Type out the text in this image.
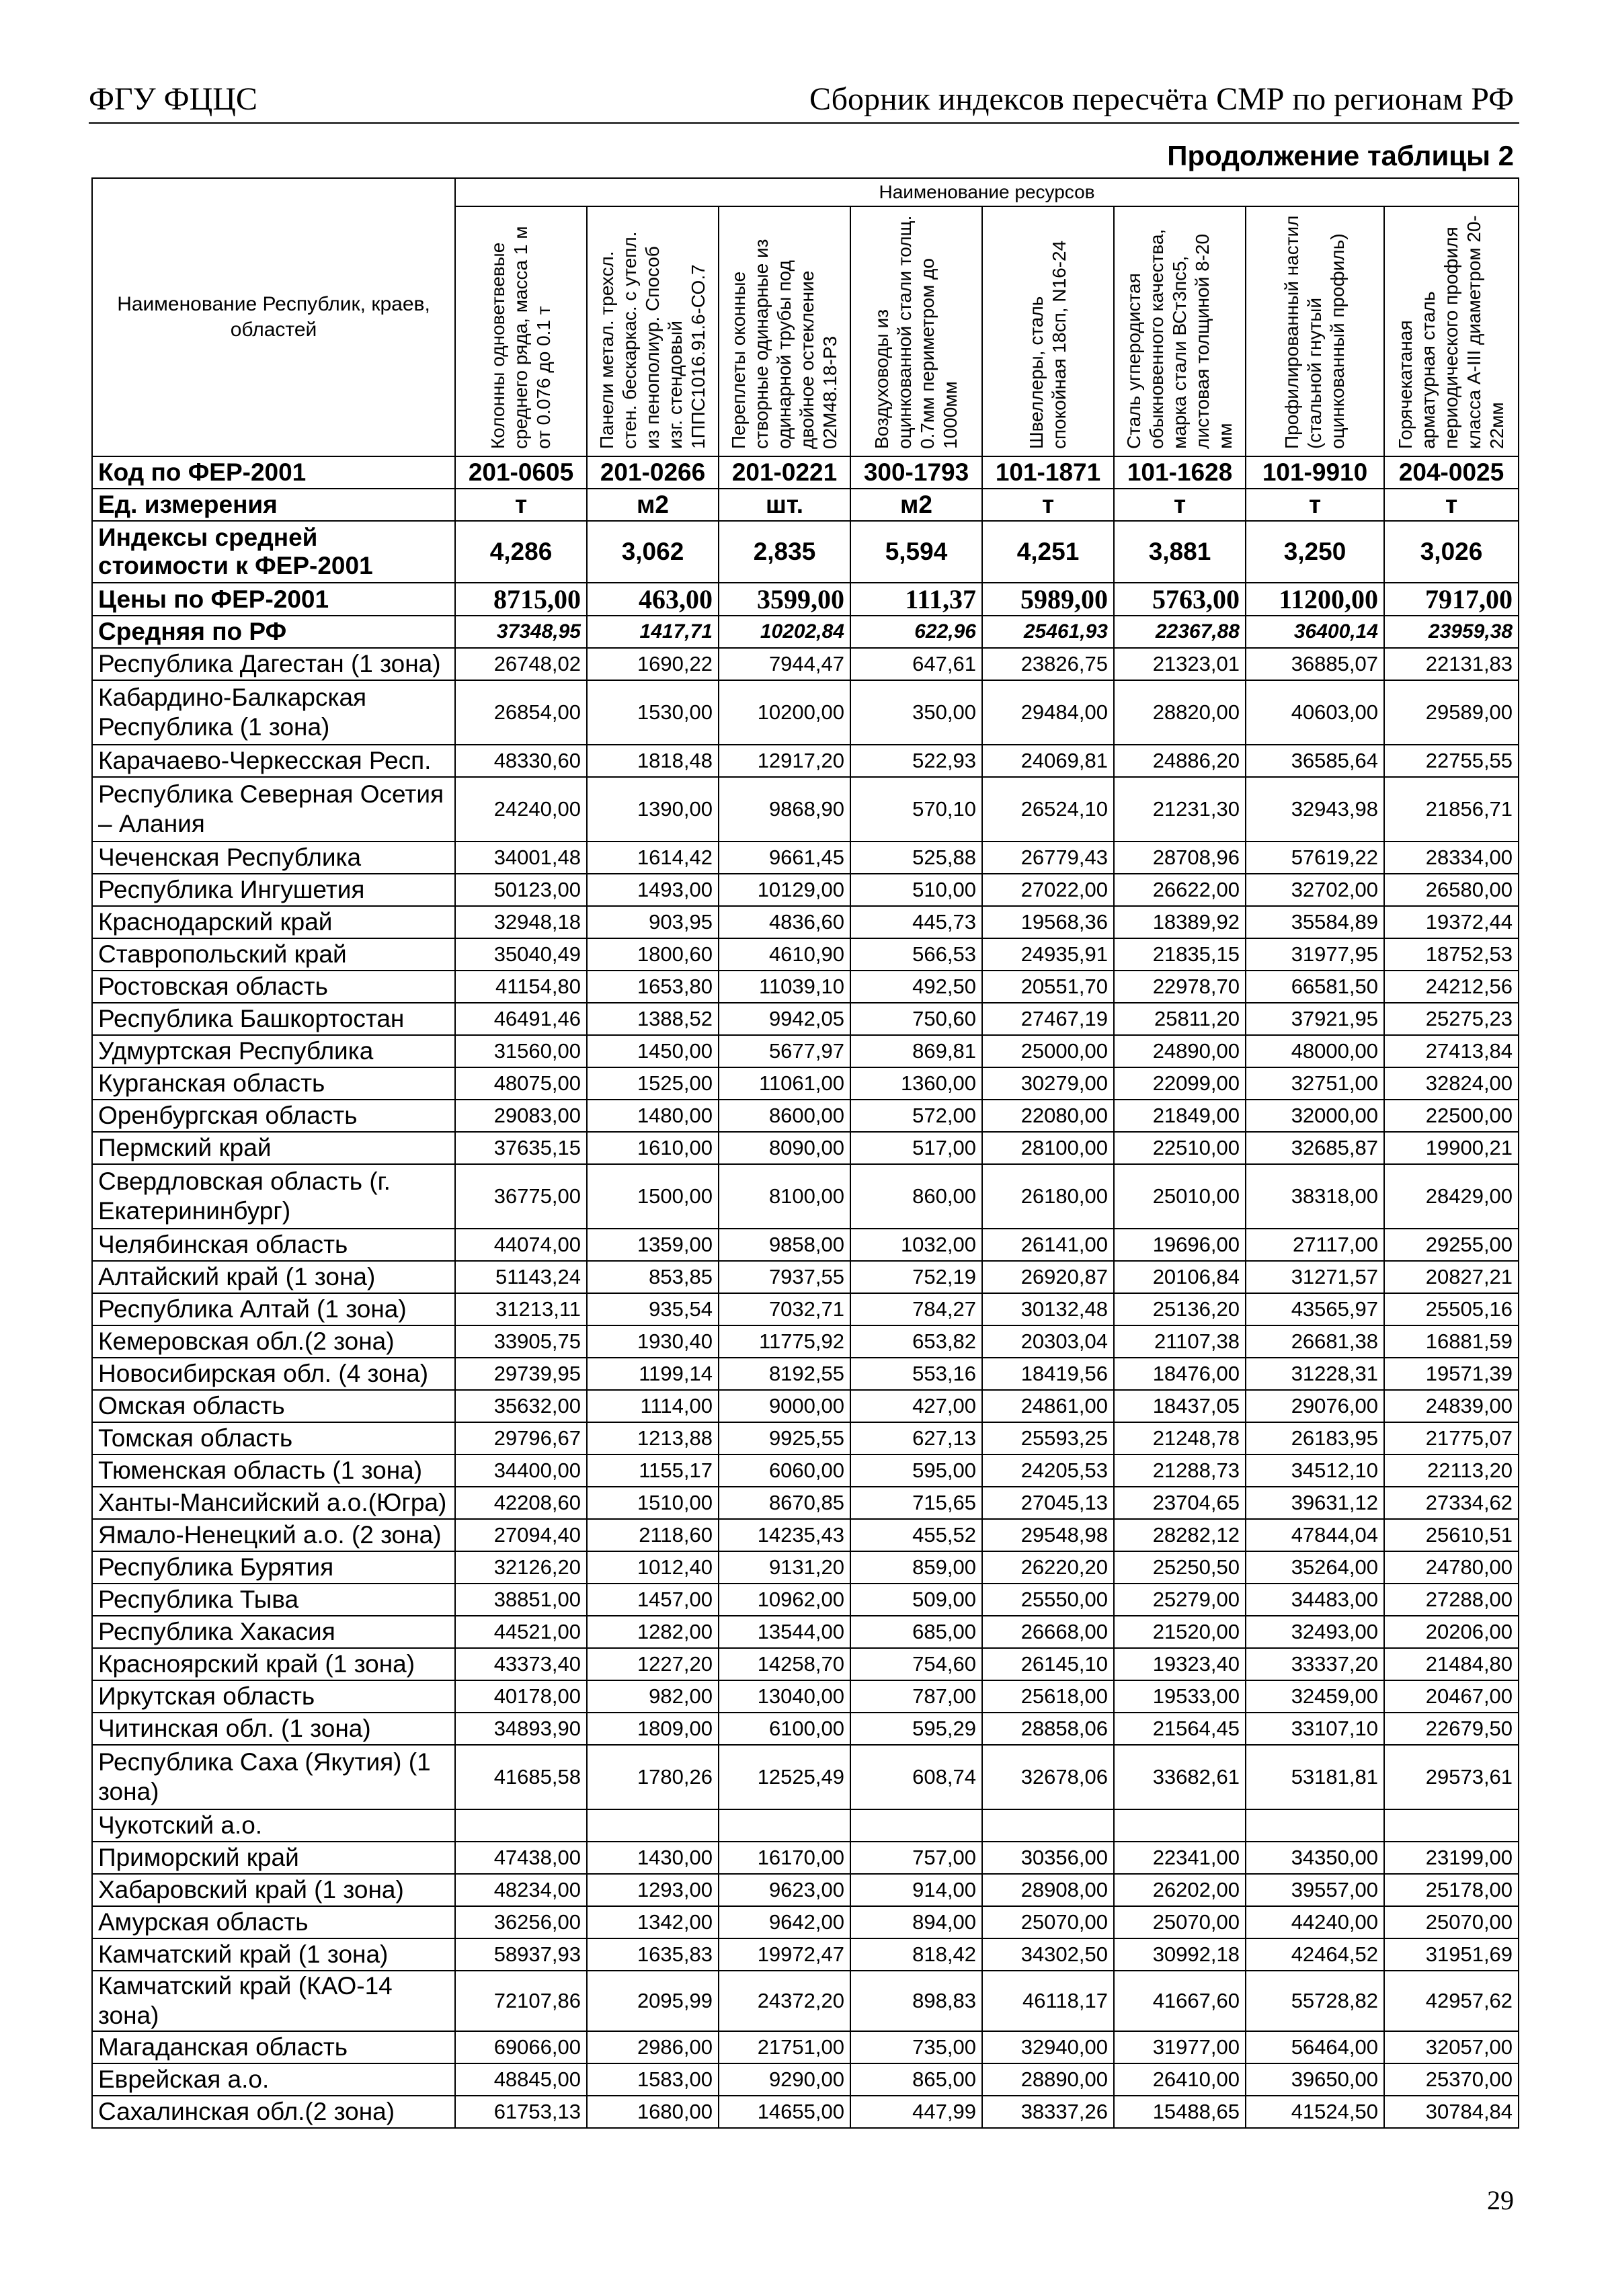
ФГУ ФЦЦС	Сборник индексов пересчёта СМР по регионам РФ
Продолжение таблицы 2
Наименование Республик, краев, областей	Наименование ресурсов							

	Колонны одноветвевые среднего ряда, масса 1 м от 0.076 до 0.1 т	Панели метал. трехсл. стен. бескаркас. с утепл. из пенополиур. Способ изг. стендовый 1ППС1016.91.6-СО.7	Переплеты оконные створные одинарные из одинарной трубы под двойное остекление 02М48.18-Р3	Воздуховоды из оцинкованной стали толщ. 0.7мм периметром до 1000мм	Швеллеры, сталь спокойная 18сп, N16-24	Сталь угперодистая обыкновенного качества, марка стали ВСт3пс5, листовая толщиной 8-20 мм	Профилированный настил (стальной гнутый оцинкованный профиль)	Горячекатаная арматурная сталь периодического профиля класса А-III диаметром 20-22мм

Код по ФЕР-2001	201-0605	201-0266	201-0221	300-1793	101-1871	101-1628	101-9910	204-0025
Ед. измерения	т	м2	шт.	м2	т	т	т	т
Индексы средней стоимости к ФЕР-2001	4,286	3,062	2,835	5,594	4,251	3,881	3,250	3,026
Цены по ФЕР-2001	8715,00	463,00	3599,00	111,37	5989,00	5763,00	11200,00	7917,00
Средняя по РФ	37348,95	1417,71	10202,84	622,96	25461,93	22367,88	36400,14	23959,38
Республика Дагестан (1 зона)	26748,02	1690,22	7944,47	647,61	23826,75	21323,01	36885,07	22131,83
Кабардино-Балкарская Республика (1 зона)	26854,00	1530,00	10200,00	350,00	29484,00	28820,00	40603,00	29589,00
Карачаево-Черкесская Респ.	48330,60	1818,48	12917,20	522,93	24069,81	24886,20	36585,64	22755,55
Республика Северная Осетия – Алания	24240,00	1390,00	9868,90	570,10	26524,10	21231,30	32943,98	21856,71
Чеченская Республика	34001,48	1614,42	9661,45	525,88	26779,43	28708,96	57619,22	28334,00
Республика Ингушетия	50123,00	1493,00	10129,00	510,00	27022,00	26622,00	32702,00	26580,00
Краснодарский край	32948,18	903,95	4836,60	445,73	19568,36	18389,92	35584,89	19372,44
Ставропольский край	35040,49	1800,60	4610,90	566,53	24935,91	21835,15	31977,95	18752,53
Ростовская область	41154,80	1653,80	11039,10	492,50	20551,70	22978,70	66581,50	24212,56
Республика Башкортостан	46491,46	1388,52	9942,05	750,60	27467,19	25811,20	37921,95	25275,23
Удмуртская Республика	31560,00	1450,00	5677,97	869,81	25000,00	24890,00	48000,00	27413,84
Курганская область	48075,00	1525,00	11061,00	1360,00	30279,00	22099,00	32751,00	32824,00
Оренбургская область	29083,00	1480,00	8600,00	572,00	22080,00	21849,00	32000,00	22500,00
Пермский край	37635,15	1610,00	8090,00	517,00	28100,00	22510,00	32685,87	19900,21
Свердловская область (г. Екатерининбург)	36775,00	1500,00	8100,00	860,00	26180,00	25010,00	38318,00	28429,00
Челябинская область	44074,00	1359,00	9858,00	1032,00	26141,00	19696,00	27117,00	29255,00
Алтайский край (1 зона)	51143,24	853,85	7937,55	752,19	26920,87	20106,84	31271,57	20827,21
Республика Алтай (1 зона)	31213,11	935,54	7032,71	784,27	30132,48	25136,20	43565,97	25505,16
Кемеровская обл.(2 зона)	33905,75	1930,40	11775,92	653,82	20303,04	21107,38	26681,38	16881,59
Новосибирская обл. (4 зона)	29739,95	1199,14	8192,55	553,16	18419,56	18476,00	31228,31	19571,39
Омская область	35632,00	1114,00	9000,00	427,00	24861,00	18437,05	29076,00	24839,00
Томская область	29796,67	1213,88	9925,55	627,13	25593,25	21248,78	26183,95	21775,07
Тюменская область (1 зона)	34400,00	1155,17	6060,00	595,00	24205,53	21288,73	34512,10	22113,20
Ханты-Мансийский а.о.(Югра)	42208,60	1510,00	8670,85	715,65	27045,13	23704,65	39631,12	27334,62
Ямало-Ненецкий а.о. (2 зона)	27094,40	2118,60	14235,43	455,52	29548,98	28282,12	47844,04	25610,51
Республика Бурятия	32126,20	1012,40	9131,20	859,00	26220,20	25250,50	35264,00	24780,00
Республика Тыва	38851,00	1457,00	10962,00	509,00	25550,00	25279,00	34483,00	27288,00
Республика Хакасия	44521,00	1282,00	13544,00	685,00	26668,00	21520,00	32493,00	20206,00
Красноярский край (1 зона)	43373,40	1227,20	14258,70	754,60	26145,10	19323,40	33337,20	21484,80
Иркутская область	40178,00	982,00	13040,00	787,00	25618,00	19533,00	32459,00	20467,00
Читинская обл. (1 зона)	34893,90	1809,00	6100,00	595,29	28858,06	21564,45	33107,10	22679,50
Республика Саха (Якутия) (1 зона)	41685,58	1780,26	12525,49	608,74	32678,06	33682,61	53181,81	29573,61
Чукотский а.о.								
Приморский край	47438,00	1430,00	16170,00	757,00	30356,00	22341,00	34350,00	23199,00
Хабаровский край (1 зона)	48234,00	1293,00	9623,00	914,00	28908,00	26202,00	39557,00	25178,00
Амурская область	36256,00	1342,00	9642,00	894,00	25070,00	25070,00	44240,00	25070,00
Камчатский край (1 зона)	58937,93	1635,83	19972,47	818,42	34302,50	30992,18	42464,52	31951,69
Камчатский край (КАО-14 зона)	72107,86	2095,99	24372,20	898,83	46118,17	41667,60	55728,82	42957,62
Магаданская область	69066,00	2986,00	21751,00	735,00	32940,00	31977,00	56464,00	32057,00
Еврейская а.о.	48845,00	1583,00	9290,00	865,00	28890,00	26410,00	39650,00	25370,00
Сахалинская обл.(2 зона)	61753,13	1680,00	14655,00	447,99	38337,26	15488,65	41524,50	30784,84
29
